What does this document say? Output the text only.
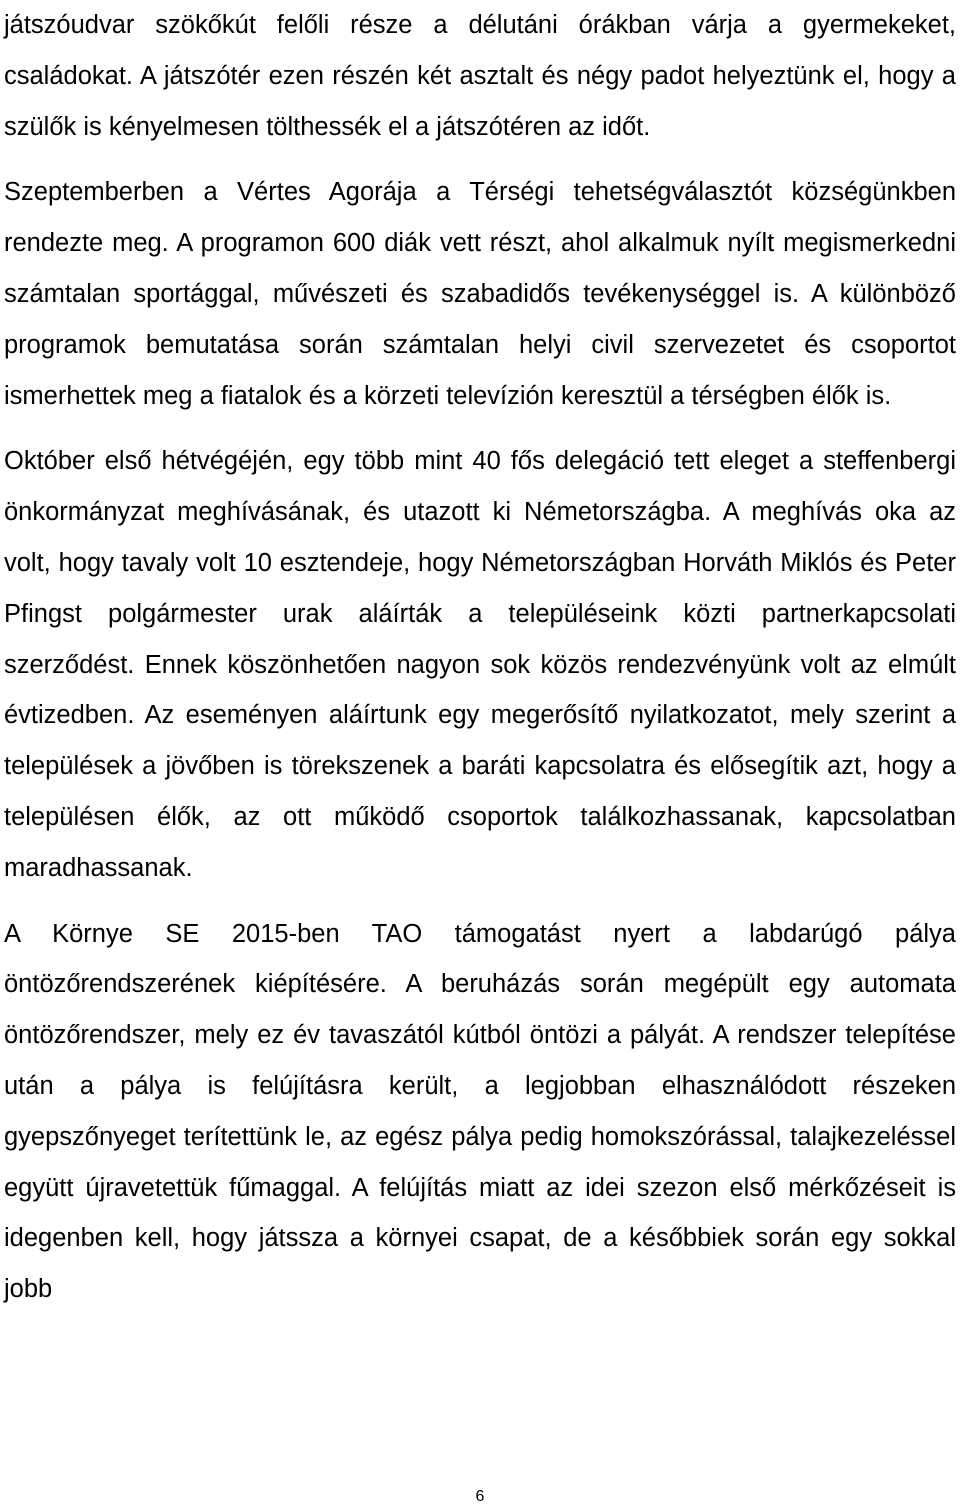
játszóudvar szökőkút felőli része a délutáni órákban várja a gyermekeket, családokat. A játszótér ezen részén két asztalt és négy padot helyeztünk el, hogy a szülők is kényelmesen tölthessék el a játszótéren az időt.

Szeptemberben a Vértes Agorája a Térségi tehetségválasztót községünkben rendezte meg. A programon 600 diák vett részt, ahol alkalmuk nyílt megismerkedni számtalan sportággal, művészeti és szabadidős tevékenységgel is. A különböző programok bemutatása során számtalan helyi civil szervezetet és csoportot ismerhettek meg a fiatalok és a körzeti televízión keresztül a térségben élők is.

Október első hétvégéjén, egy több mint 40 fős delegáció tett eleget a steffenbergi önkormányzat meghívásának, és utazott ki Németországba. A meghívás oka az volt, hogy tavaly volt 10 esztendeje, hogy Németországban Horváth Miklós és Peter Pfingst polgármester urak aláírták a településeink közti partnerkapcsolati szerződést. Ennek köszönhetően nagyon sok közös rendezvényünk volt az elmúlt évtizedben. Az eseményen aláírtunk egy megerősítő nyilatkozatot, mely szerint a települések a jövőben is törekszenek a baráti kapcsolatra és elősegítik azt, hogy a településen élők, az ott működő csoportok találkozhassanak, kapcsolatban maradhassanak.

A Környe SE 2015-ben TAO támogatást nyert a labdarúgó pálya öntözőrendszerének kiépítésére. A beruházás során megépült egy automata öntözőrendszer, mely ez év tavaszától kútból öntözi a pályát. A rendszer telepítése után a pálya is felújításra került, a legjobban elhasználódott részeken gyepszőnyeget terítettünk le, az egész pálya pedig homokszórással, talajkezeléssel együtt újravetettük fűmaggal. A felújítás miatt az idei szezon első mérkőzéseit is idegenben kell, hogy játssza a környei csapat, de a későbbiek során egy sokkal jobb

6
